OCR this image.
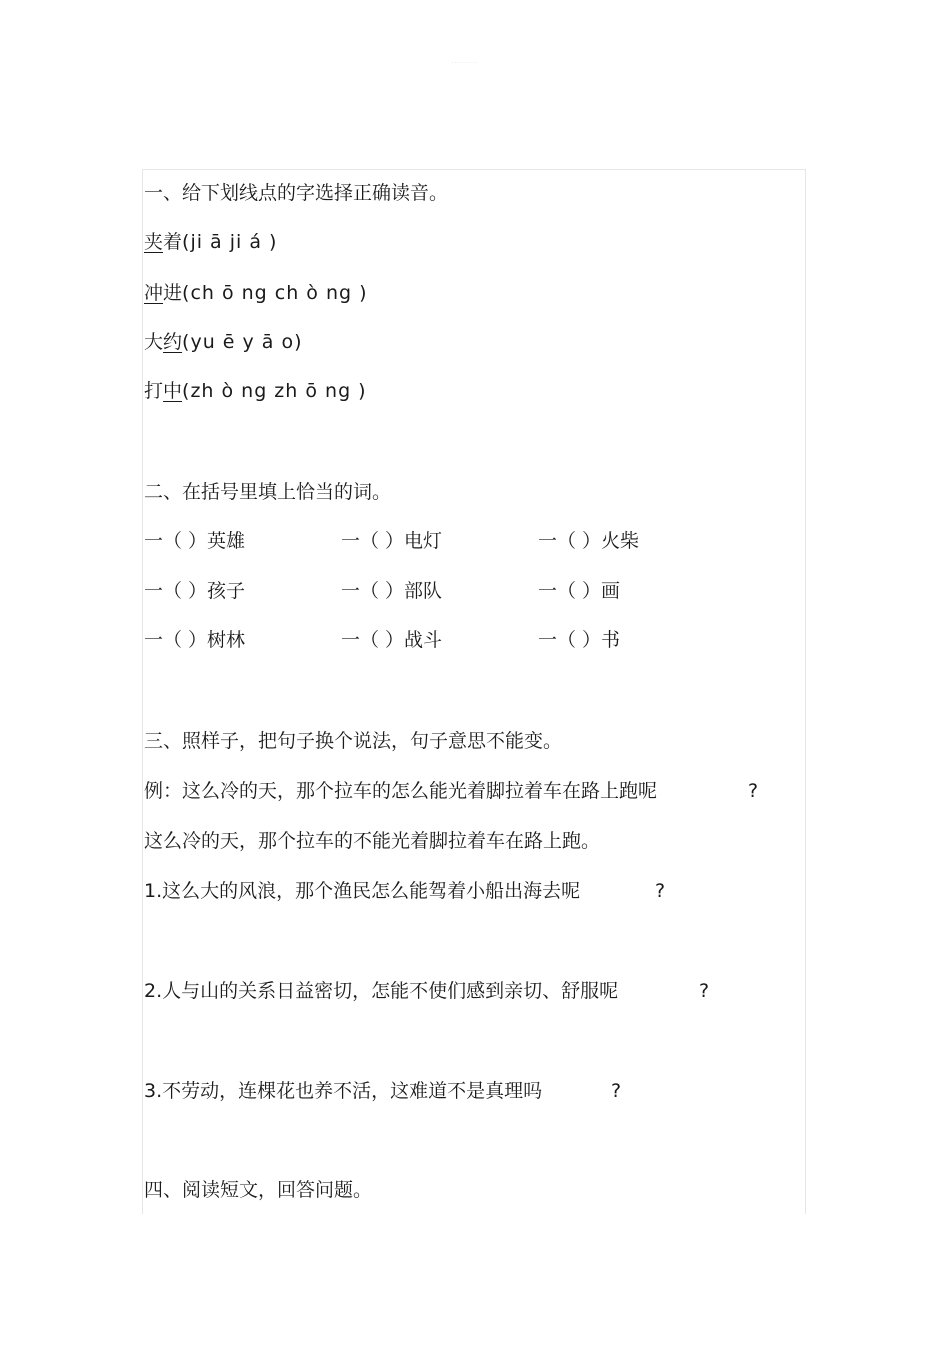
··········
一、给下划线点的字选择正确读音。
夹着(ji ā ji á )
冲进(ch ō ng ch ò ng )
大约(yu ē y ā o)
打中(zh ò ng zh ō ng )
二、在括号里填上恰当的词。
一（ ）英雄	一（ ）电灯	一（ ）火柴
一（ ）孩子	一（ ）部队	一（ ）画
一（ ）树林	一（ ）战斗	一（ ）书
三、照样子，把句子换个说法，句子意思不能变。
例：这么冷的天，那个拉车的怎么能光着脚拉着车在路上跑呢	?
这么冷的天，那个拉车的不能光着脚拉着车在路上跑。
1.这么大的风浪，那个渔民怎么能驾着小船出海去呢	?
2.人与山的关系日益密切，怎能不使们感到亲切、舒服呢	?
3.不劳动，连棵花也养不活，这难道不是真理吗	?
四、阅读短文，回答问题。
